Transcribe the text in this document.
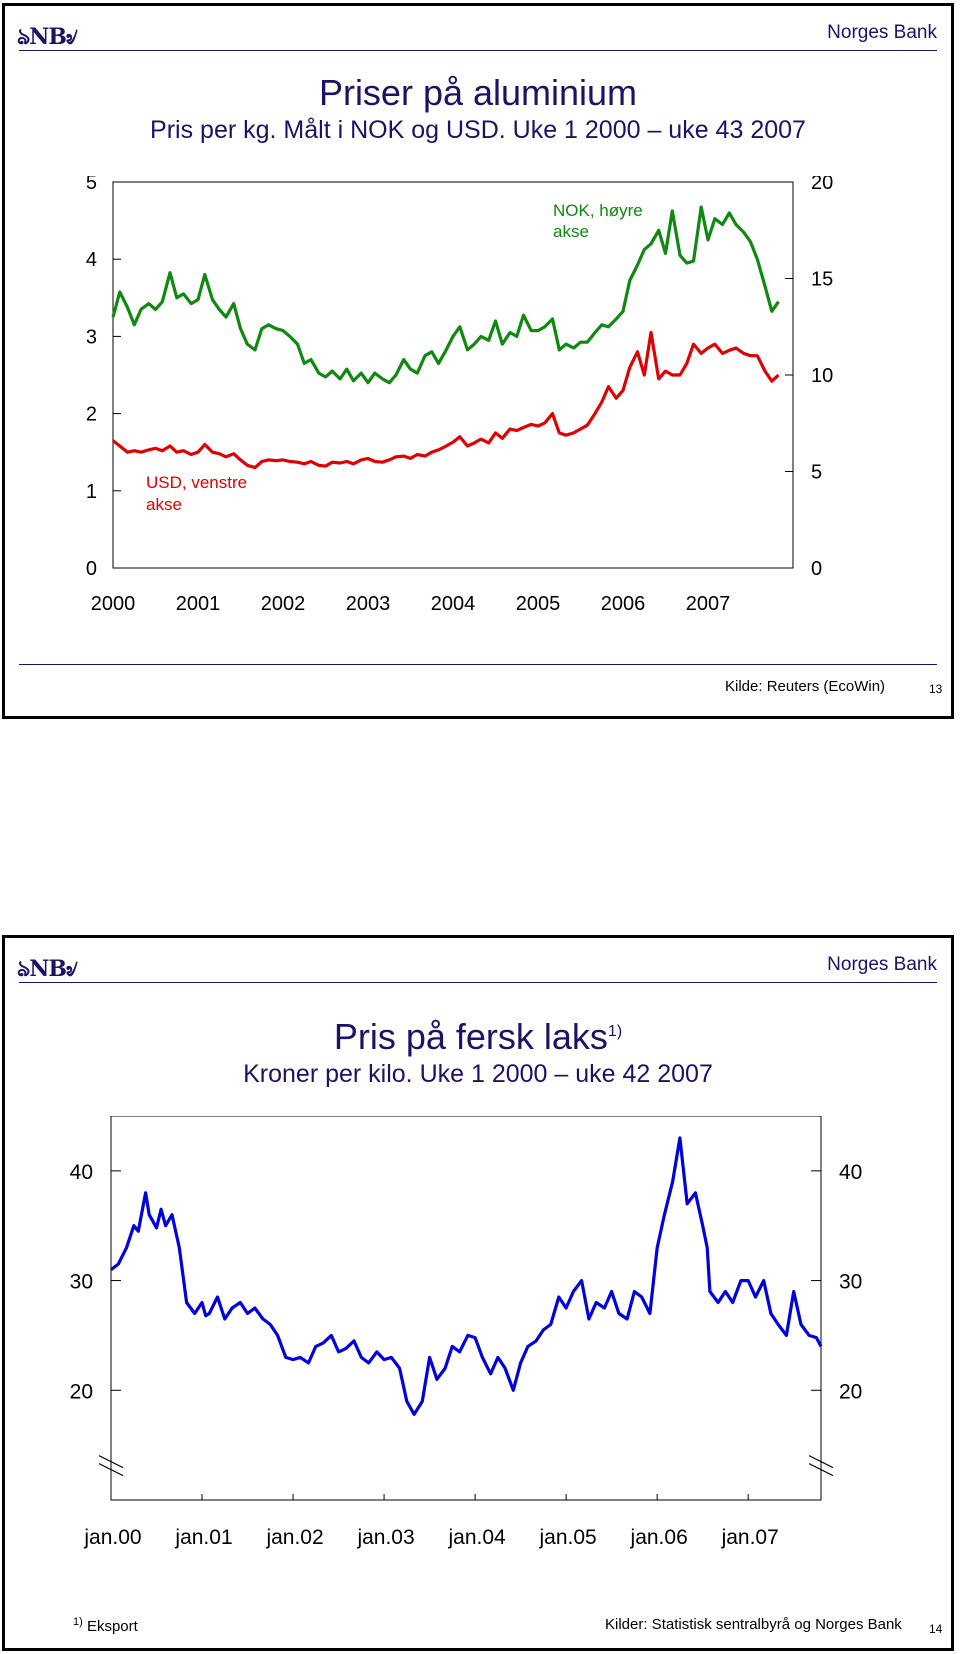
ঌNB৶	Norges Bank
Priser på aluminium
Pris per kg. Målt i NOK og USD. Uke 1 2000 – uke 43 2007
0
1
2
3
4
5
0
5
10
15
20
2000 2001 2002 2003 2004 2005 2006 2007
NOK, høyre
akse
USD, venstre
akse
Kilde: Reuters (EcoWin)	13
ঌNB৶	Norges Bank
Pris på fersk laks$^{1)}$
Kroner per kilo. Uke 1 2000 – uke 42 2007
20	20
30	30
40	40
jan.00 jan.01 jan.02 jan.03 jan.04 jan.05 jan.06 jan.07
$^{1)}$ Eksport	Kilder: Statistisk sentralbyrå og Norges Bank 14
